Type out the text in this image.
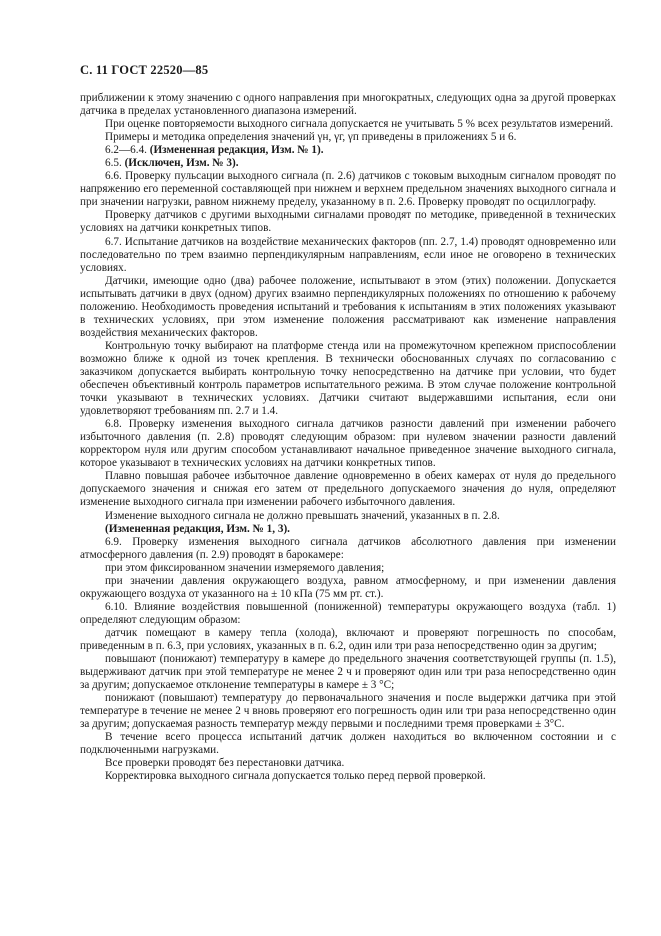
С. 11 ГОСТ 22520—85

приближении к этому значению с одного направления при многократных, следующих одна за другой проверках датчика в пределах установленного диапазона измерений.

При оценке повторяемости выходного сигнала допускается не учитывать 5 % всех результатов измерений.

Примеры и методика определения значений γн, γг, γп приведены в приложениях 5 и 6.

6.2—6.4. (Измененная редакция, Изм. № 1).

6.5. (Исключен, Изм. № 3).

6.6. Проверку пульсации выходного сигнала (п. 2.6) датчиков с токовым выходным сигналом проводят по напряжению его переменной составляющей при нижнем и верхнем предельном значениях выходного сигнала и при значении нагрузки, равном нижнему пределу, указанному в п. 2.6. Проверку проводят по осциллографу.

Проверку датчиков с другими выходными сигналами проводят по методике, приведенной в технических условиях на датчики конкретных типов.

6.7. Испытание датчиков на воздействие механических факторов (пп. 2.7, 1.4) проводят одновременно или последовательно по трем взаимно перпендикулярным направлениям, если иное не оговорено в технических условиях.

Датчики, имеющие одно (два) рабочее положение, испытывают в этом (этих) положении. Допускается испытывать датчики в двух (одном) других взаимно перпендикулярных положениях по отношению к рабочему положению. Необходимость проведения испытаний и требования к испытаниям в этих положениях указывают в технических условиях, при этом изменение положения рассматривают как изменение направления воздействия механических факторов.

Контрольную точку выбирают на платформе стенда или на промежуточном крепежном приспособлении возможно ближе к одной из точек крепления. В технически обоснованных случаях по согласованию с заказчиком допускается выбирать контрольную точку непосредственно на датчике при условии, что будет обеспечен объективный контроль параметров испытательного режима. В этом случае положение контрольной точки указывают в технических условиях. Датчики считают выдержавшими испытания, если они удовлетворяют требованиям пп. 2.7 и 1.4.

6.8. Проверку изменения выходного сигнала датчиков разности давлений при изменении рабочего избыточного давления (п. 2.8) проводят следующим образом: при нулевом значении разности давлений корректором нуля или другим способом устанавливают начальное приведенное значение выходного сигнала, которое указывают в технических условиях на датчики конкретных типов.

Плавно повышая рабочее избыточное давление одновременно в обеих камерах от нуля до предельного допускаемого значения и снижая его затем от предельного допускаемого значения до нуля, определяют изменение выходного сигнала при изменении рабочего избыточного давления.

Изменение выходного сигнала не должно превышать значений, указанных в п. 2.8.

(Измененная редакция, Изм. № 1, 3).

6.9. Проверку изменения выходного сигнала датчиков абсолютного давления при изменении атмосферного давления (п. 2.9) проводят в барокамере:

при этом фиксированном значении измеряемого давления;

при значении давления окружающего воздуха, равном атмосферному, и при изменении давления окружающего воздуха от указанного на ± 10 кПа (75 мм рт. ст.).

6.10. Влияние воздействия повышенной (пониженной) температуры окружающего воздуха (табл. 1) определяют следующим образом:

датчик помещают в камеру тепла (холода), включают и проверяют погрешность по способам, приведенным в п. 6.3, при условиях, указанных в п. 6.2, один или три раза непосредственно один за другим;

повышают (понижают) температуру в камере до предельного значения соответствующей группы (п. 1.5), выдерживают датчик при этой температуре не менее 2 ч и проверяют один или три раза непосредственно один за другим; допускаемое отклонение температуры в камере ± 3 °С;

понижают (повышают) температуру до первоначального значения и после выдержки датчика при этой температуре в течение не менее 2 ч вновь проверяют его погрешность один или три раза непосредственно один за другим; допускаемая разность температур между первыми и последними тремя проверками ± 3°С.

В течение всего процесса испытаний датчик должен находиться во включенном состоянии и с подключенными нагрузками.

Все проверки проводят без перестановки датчика.

Корректировка выходного сигнала допускается только перед первой проверкой.
